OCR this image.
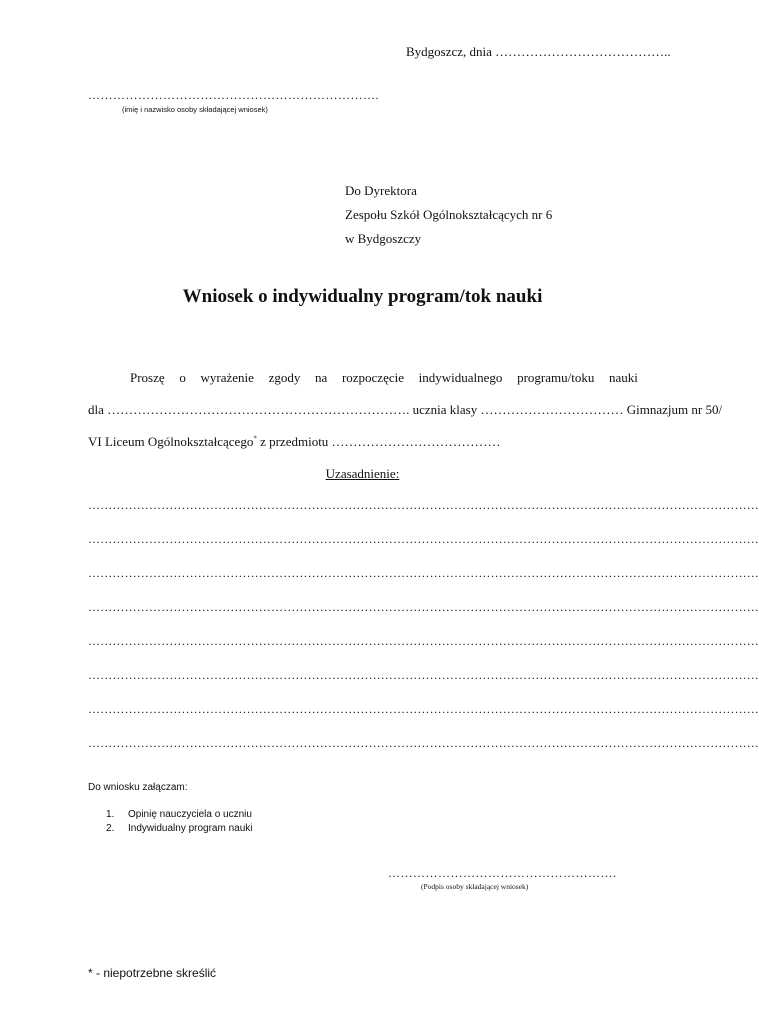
Bydgoszcz, dnia …………………………………..
…………………………………………………………….
(imię i nazwisko osoby składającej wniosek)
Do Dyrektora
Zespołu Szkół Ogólnokształcących nr 6
w Bydgoszczy
Wniosek o indywidualny program/tok nauki
Proszę o wyrażenie zgody na rozpoczęcie indywidualnego programu/toku nauki
dla ……………………………………………………………. ucznia klasy …………………………… Gimnazjum nr 50/
VI Liceum Ogólnokształcącego* z przedmiotu …………………………………
Uzasadnienie:
…………………………………………………………………………………………………………………………………………………
…………………………………………………………………………………………………………………………………………………
…………………………………………………………………………………………………………………………………………………
…………………………………………………………………………………………………………………………………………………
…………………………………………………………………………………………………………………………………………………
…………………………………………………………………………………………………………………………………………………
…………………………………………………………………………………………………………………………………………………
…………………………………………………………………………………………………………………………………………………
Do wniosku załączam:
1. Opinię nauczyciela o uczniu
2. Indywidualny program nauki
……………………………………………….
(Podpis osoby składającej wniosek)
* - niepotrzebne skreślić
